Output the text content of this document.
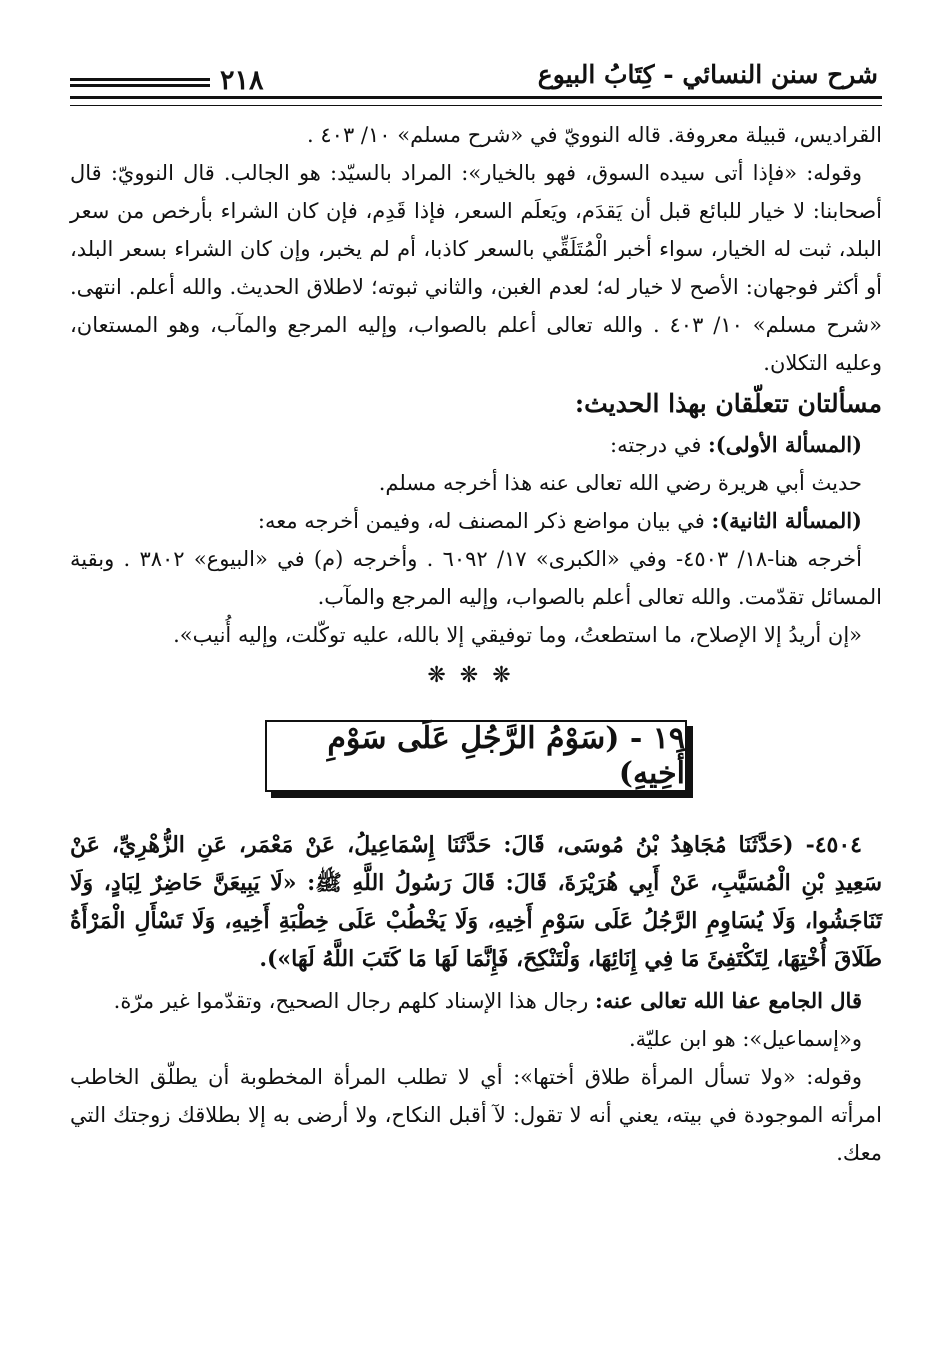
شرح سنن النسائي - كِتَابُ البيوع
٢١٨

القراديس، قبيلة معروفة. قاله النوويّ في «شرح مسلم» ١٠/ ٤٠٣ .

وقوله: «فإذا أتى سيده السوق، فهو بالخيار»: المراد بالسيّد: هو الجالب. قال النوويّ: قال أصحابنا: لا خيار للبائع قبل أن يَقدَم، ويَعلَم السعر، فإذا قَدِم، فإن كان الشراء بأرخص من سعر البلد، ثبت له الخيار، سواء أخبر الْمُتَلَقِّي بالسعر كاذبا، أم لم يخبر، وإن كان الشراء بسعر البلد، أو أكثر فوجهان: الأصح لا خيار له؛ لعدم الغبن، والثاني ثبوته؛ لاطلاق الحديث. والله أعلم. انتهى. «شرح مسلم» ١٠/ ٤٠٣ . والله تعالى أعلم بالصواب، وإليه المرجع والمآب، وهو المستعان، وعليه التكلان.

مسألتان تتعلّقان بهذا الحديث:

(المسألة الأولى): في درجته:

حديث أبي هريرة رضي الله تعالى عنه هذا أخرجه مسلم.

(المسألة الثانية): في بيان مواضع ذكر المصنف له، وفيمن أخرجه معه:

أخرجه هنا-١٨/ ٤٥٠٣- وفي «الكبرى» ١٧/ ٦٠٩٢ . وأخرجه (م) في «البيوع» ٣٨٠٢ . وبقية المسائل تقدّمت. والله تعالى أعلم بالصواب، وإليه المرجع والمآب.

«إن أريدُ إلا الإصلاح، ما استطعتُ، وما توفيقي إلا بالله، عليه توكّلت، وإليه أُنيب».

❋❋❋
١٩ - (سَوْمُ الرَّجُلِ عَلَى سَوْمِ أَخِيهِ)

٤٥٠٤- (حَدَّثَنَا مُجَاهِدُ بْنُ مُوسَى، قَالَ: حَدَّثَنَا إِسْمَاعِيلُ، عَنْ مَعْمَر، عَنِ الزُّهْرِيِّ، عَنْ سَعِيدِ بْنِ الْمُسَيَّبِ، عَنْ أَبِي هُرَيْرَةَ، قَالَ: قَالَ رَسُولُ اللَّهِ ﷺ: «لَا يَبِيعَنَّ حَاضِرٌ لِبَادٍ، وَلَا تَنَاجَشُوا، وَلَا يُسَاوِمِ الرَّجُلُ عَلَى سَوْمِ أَخِيهِ، وَلَا يَخْطُبْ عَلَى خِطْبَةِ أَخِيهِ، وَلَا تَسْأَلِ الْمَرْأَةُ طَلَاقَ أُخْتِهَا، لِتَكْتَفِئَ مَا فِي إِنَائِهَا، وَلْتَنْكِحَ، فَإِنَّمَا لَهَا مَا كَتَبَ اللَّهُ لَهَا»).

قال الجامع عفا الله تعالى عنه: رجال هذا الإسناد كلهم رجال الصحيح، وتقدّموا غير مرّة.

و«إسماعيل»: هو ابن عليّة.

وقوله: «ولا تسأل المرأة طلاق أختها»: أي لا تطلب المرأة المخطوبة أن يطلّق الخاطب امرأته الموجودة في بيته، يعني أنه لا تقول: لآ أقبل النكاح، ولا أرضى به إلا بطلاقك زوجتك التي معك.
